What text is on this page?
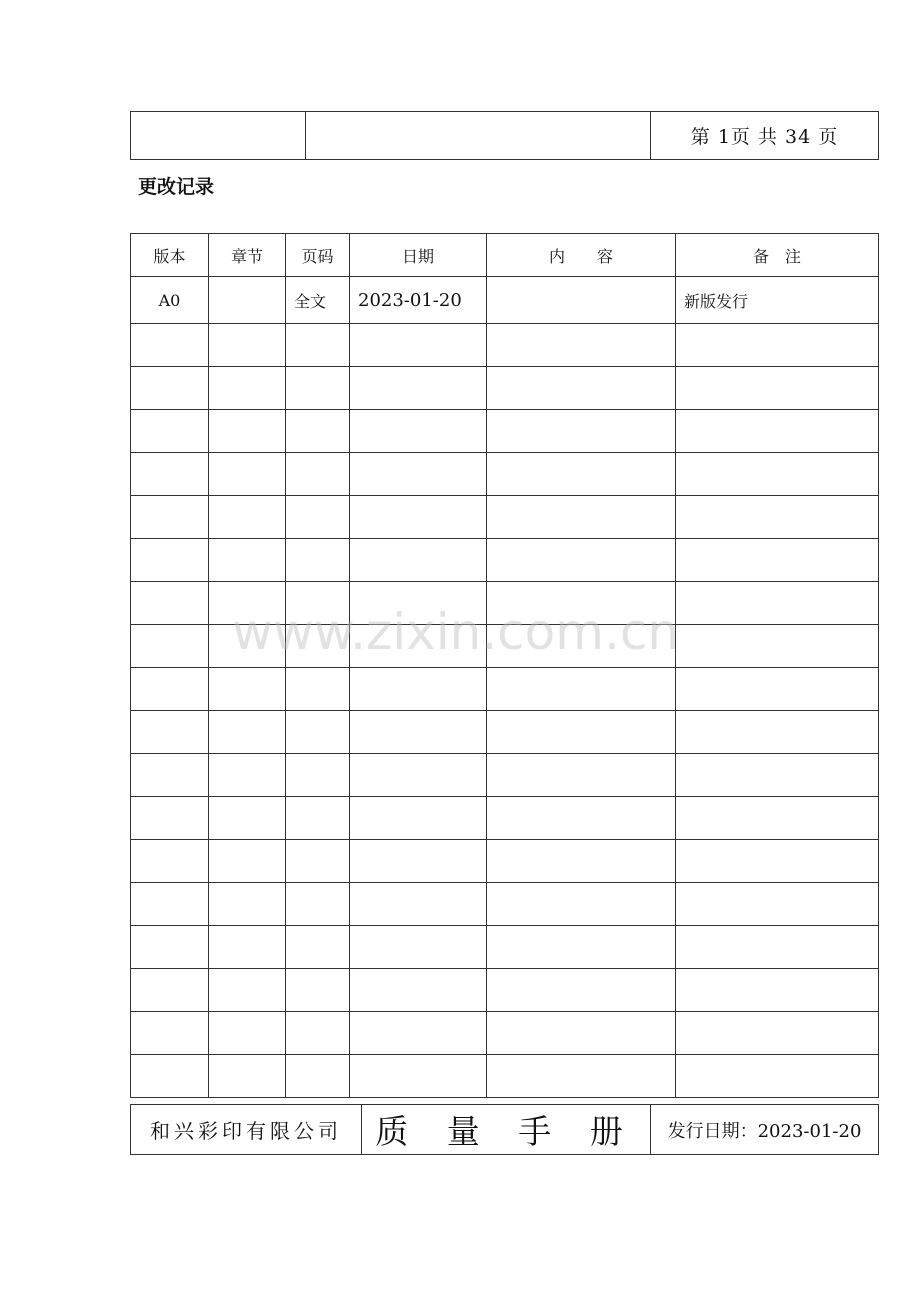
		第 1页 共 34 页
更改记录
版本	章节	页码	日期	内　　容	备　注
A0		全文	2023-01-20		新版发行

和兴彩印有限公司	质 量 手 册	发行日期：2023-01-20
www.zixin.com.cn
